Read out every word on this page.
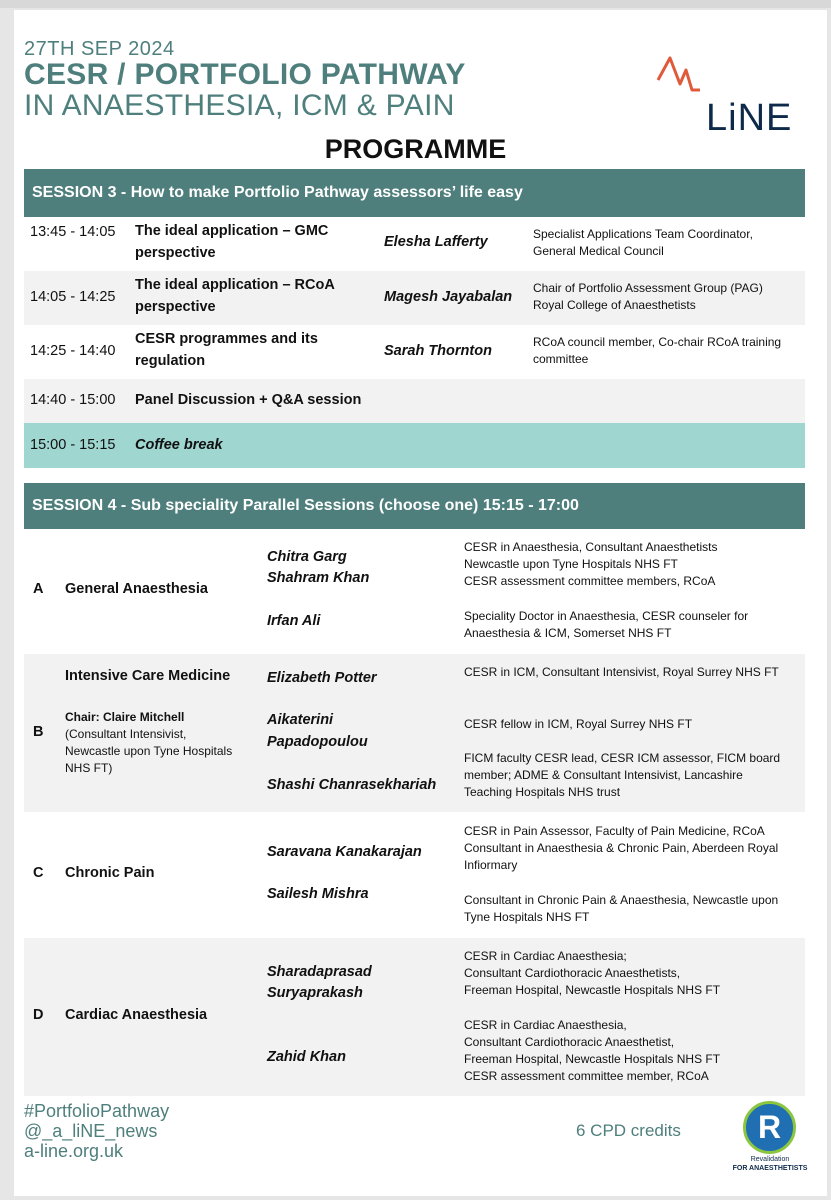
27TH SEP 2024
CESR / PORTFOLIO PATHWAY
IN ANAESTHESIA, ICM & PAIN	LiNE
PROGRAMME
SESSION 3 - How to make Portfolio Pathway assessors’ life easy
13:45 - 14:05 The ideal application – GMC
perspective
Elesha Lafferty	Specialist Applications Team Coordinator,
General Medical Council
14:05 - 14:25
The ideal application – RCoA
perspective
Magesh Jayabalan
Chair of Portfolio Assessment Group (PAG)
Royal College of Anaesthetists
14:25 - 14:40
CESR programmes and its
regulation
Sarah Thornton
RCoA council member, Co-chair RCoA training
committee
14:40 - 15:00 Panel Discussion + Q&A session
15:00 - 15:15 Coffee break
SESSION 4 - Sub speciality Parallel Sessions (choose one) 15:15 - 17:00
A General Anaesthesia
Chitra Garg
Shahram Khan
Irfan Ali
CESR in Anaesthesia, Consultant Anaesthetists
Newcastle upon Tyne Hospitals NHS FT
CESR assessment committee members, RCoA
Speciality Doctor in Anaesthesia, CESR counseler for
Anaesthesia & ICM, Somerset NHS FT
B
Intensive Care Medicine
Chair: Claire Mitchell
(Consultant Intensivist,
Newcastle upon Tyne Hospitals
NHS FT)
Elizabeth Potter
Aikaterini
Papadopoulou
Shashi Chanrasekhariah
CESR in ICM, Consultant Intensivist, Royal Surrey NHS FT
CESR fellow in ICM, Royal Surrey NHS FT
FICM faculty CESR lead, CESR ICM assessor, FICM board
member; ADME & Consultant Intensivist, Lancashire
Teaching Hospitals NHS trust
C Chronic Pain
Saravana Kanakarajan
Sailesh Mishra
CESR in Pain Assessor, Faculty of Pain Medicine, RCoA
Consultant in Anaesthesia & Chronic Pain, Aberdeen Royal
Infiormary
Consultant in Chronic Pain & Anaesthesia, Newcastle upon
Tyne Hospitals NHS FT
D Cardiac Anaesthesia
Sharadaprasad
Suryaprakash
Zahid Khan
CESR in Cardiac Anaesthesia;
Consultant Cardiothoracic Anaesthetists,
Freeman Hospital, Newcastle Hospitals NHS FT
CESR in Cardiac Anaesthesia,
Consultant Cardiothoracic Anaesthetist,
Freeman Hospital, Newcastle Hospitals NHS FT
CESR assessment committee member, RCoA
#PortfolioPathway
@_a_liNE_news
a-line.org.uk
6 CPD credits R
Revalidation
FOR ANAESTHETISTS
